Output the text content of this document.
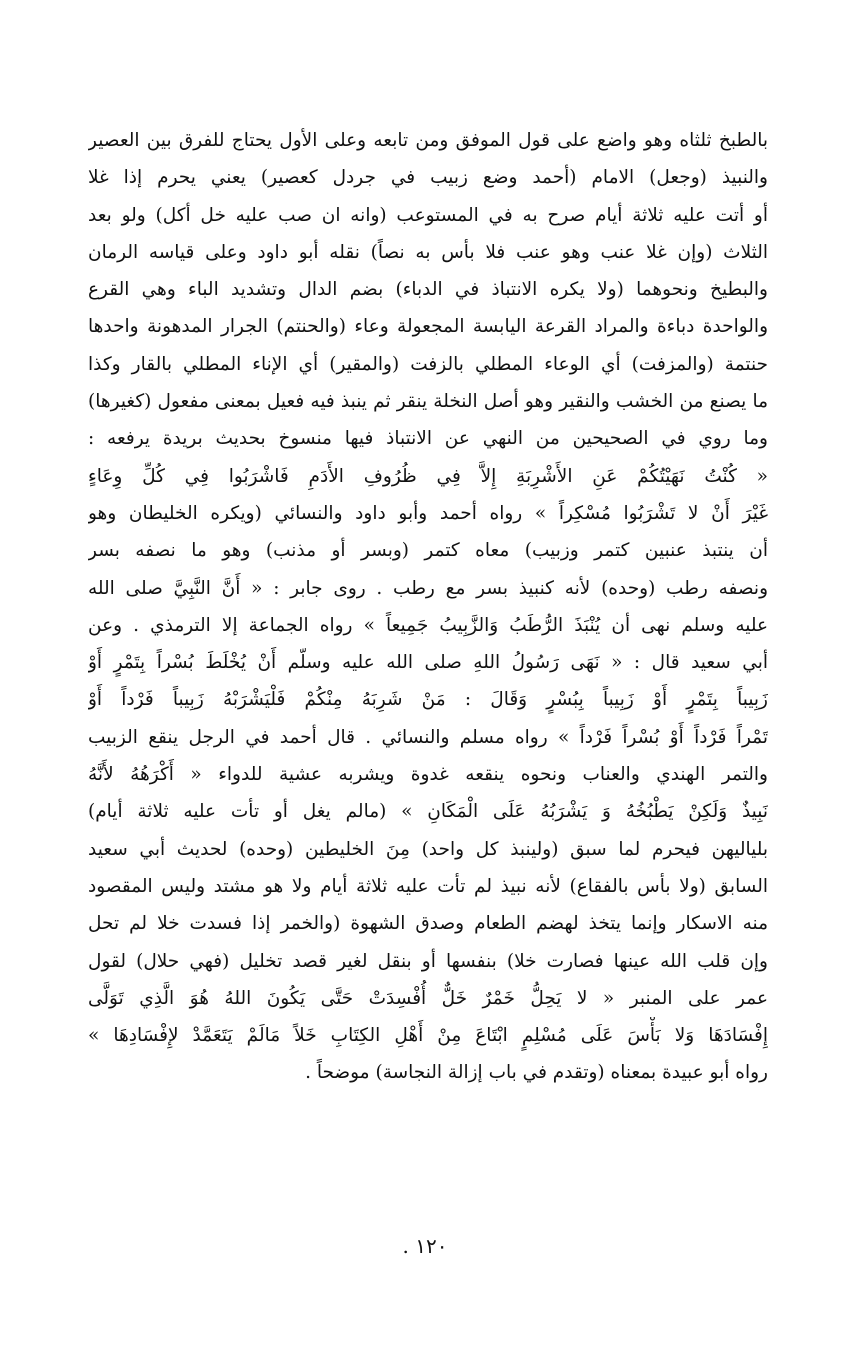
بالطبخ ثلثاه وهو واضع على قول الموفق ومن تابعه وعلى الأول يحتاج للفرق بين العصير
والنبيذ (وجعل) الامام (أحمد وضع زبيب في جردل كعصير) يعني يحرم إذا غلا
أو أتت عليه ثلاثة أيام صرح به في المستوعب (وانه ان صب عليه خل أكل) ولو بعد
الثلاث (وإن غلا عنب وهو عنب فلا بأس به نصاً) نقله أبو داود وعلى قياسه الرمان
والبطيخ ونحوهما (ولا يكره الانتباذ في الدباء) بضم الدال وتشديد الباء وهي القرع
والواحدة دباءة والمراد القرعة اليابسة المجعولة وعاء (والحنتم) الجرار المدهونة واحدها
حنتمة (والمزفت) أي الوعاء المطلي بالزفت (والمقير) أي الإناء المطلي بالقار وكذا
ما يصنع من الخشب والنقير وهو أصل النخلة ينقر ثم ينبذ فيه فعيل بمعنى مفعول (كغيرها)
وما روي في الصحيحين من النهي عن الانتباذ فيها منسوخ بحديث بريدة يرفعه :
« كُنْتُ نَهَيْتُكُمْ عَنِ الأَشْرِبَةِ إِلاَّ فِي ظُرُوفِ الأَدَمِ فَاشْرَبُوا فِي كُلِّ وِعَاءٍ
غَيْرَ أَنْ لا تَشْرَبُوا مُسْكِراً » رواه أحمد وأبو داود والنسائي (ويكره الخليطان وهو
أن ينتبذ عنبين كتمر وزبيب) معاه كتمر (وبسر أو مذنب) وهو ما نصفه بسر
ونصفه رطب (وحده) لأنه كنبيذ بسر مع رطب . روى جابر : « أَنَّ النَّبِيَّ صلى الله
عليه وسلم نهى أن يُنْبَذَ الرُّطَبُ وَالزَّبِيبُ جَمِيعاً » رواه الجماعة إلا الترمذي . وعن
أبي سعيد قال : « نَهَى رَسُولُ اللهِ صلى الله عليه وسلّم أَنْ يُخْلَطَ بُسْراً بِتَمْرٍ أَوْ
زَبِيباً بِتَمْرٍ أَوْ زَبِيباً بِبُسْرٍ وَقَالَ : مَنْ شَرِبَهُ مِنْكُمْ فَلْيَشْرَبْهُ زَبِيباً فَرْداً أَوْ
تَمْراً فَرْداً أَوْ بُسْراً فَرْداً » رواه مسلم والنسائي . قال أحمد في الرجل ينقع الزبيب
والتمر الهندي والعناب ونحوه ينقعه غدوة ويشربه عشية للدواء « أَكْرَهُهُ لأَنَّهُ
نَبِيذٌ وَلَكِنْ يَطْبُخُهُ وَ يَشْرَبُهُ عَلَى الْمَكَانِ » (مالم يغل أو تأت عليه ثلاثة أيام)
بلياليهن فيحرم لما سبق (ولينبذ كل واحد) مِنَ الخليطين (وحده) لحديث أبي سعيد
السابق (ولا بأس بالفقاع) لأنه نبيذ لم تأت عليه ثلاثة أيام ولا هو مشتد وليس المقصود
منه الاسكار وإنما يتخذ لهضم الطعام وصدق الشهوة (والخمر إذا فسدت خلا لم تحل
وإن قلب الله عينها فصارت خلا) بنفسها أو بنقل لغير قصد تخليل (فهي حلال) لقول
عمر على المنبر « لا يَحِلُّ خَمْرٌ خَلٌّ أُفْسِدَتْ حَتَّى يَكُونَ اللهُ هُوَ الَّذِي تَوَلَّى
إِفْسَادَهَا وَلا بَأْسَ عَلَى مُسْلِمٍ ابْتَاعَ مِنْ أَهْلِ الكِتَابِ خَلاً مَالَمْ يَتَعَمَّدْ لإِفْسَادِهَا »
رواه أبو عبيدة بمعناه (وتقدم في باب إزالة النجاسة) موضحاً .
١٢٠ .
